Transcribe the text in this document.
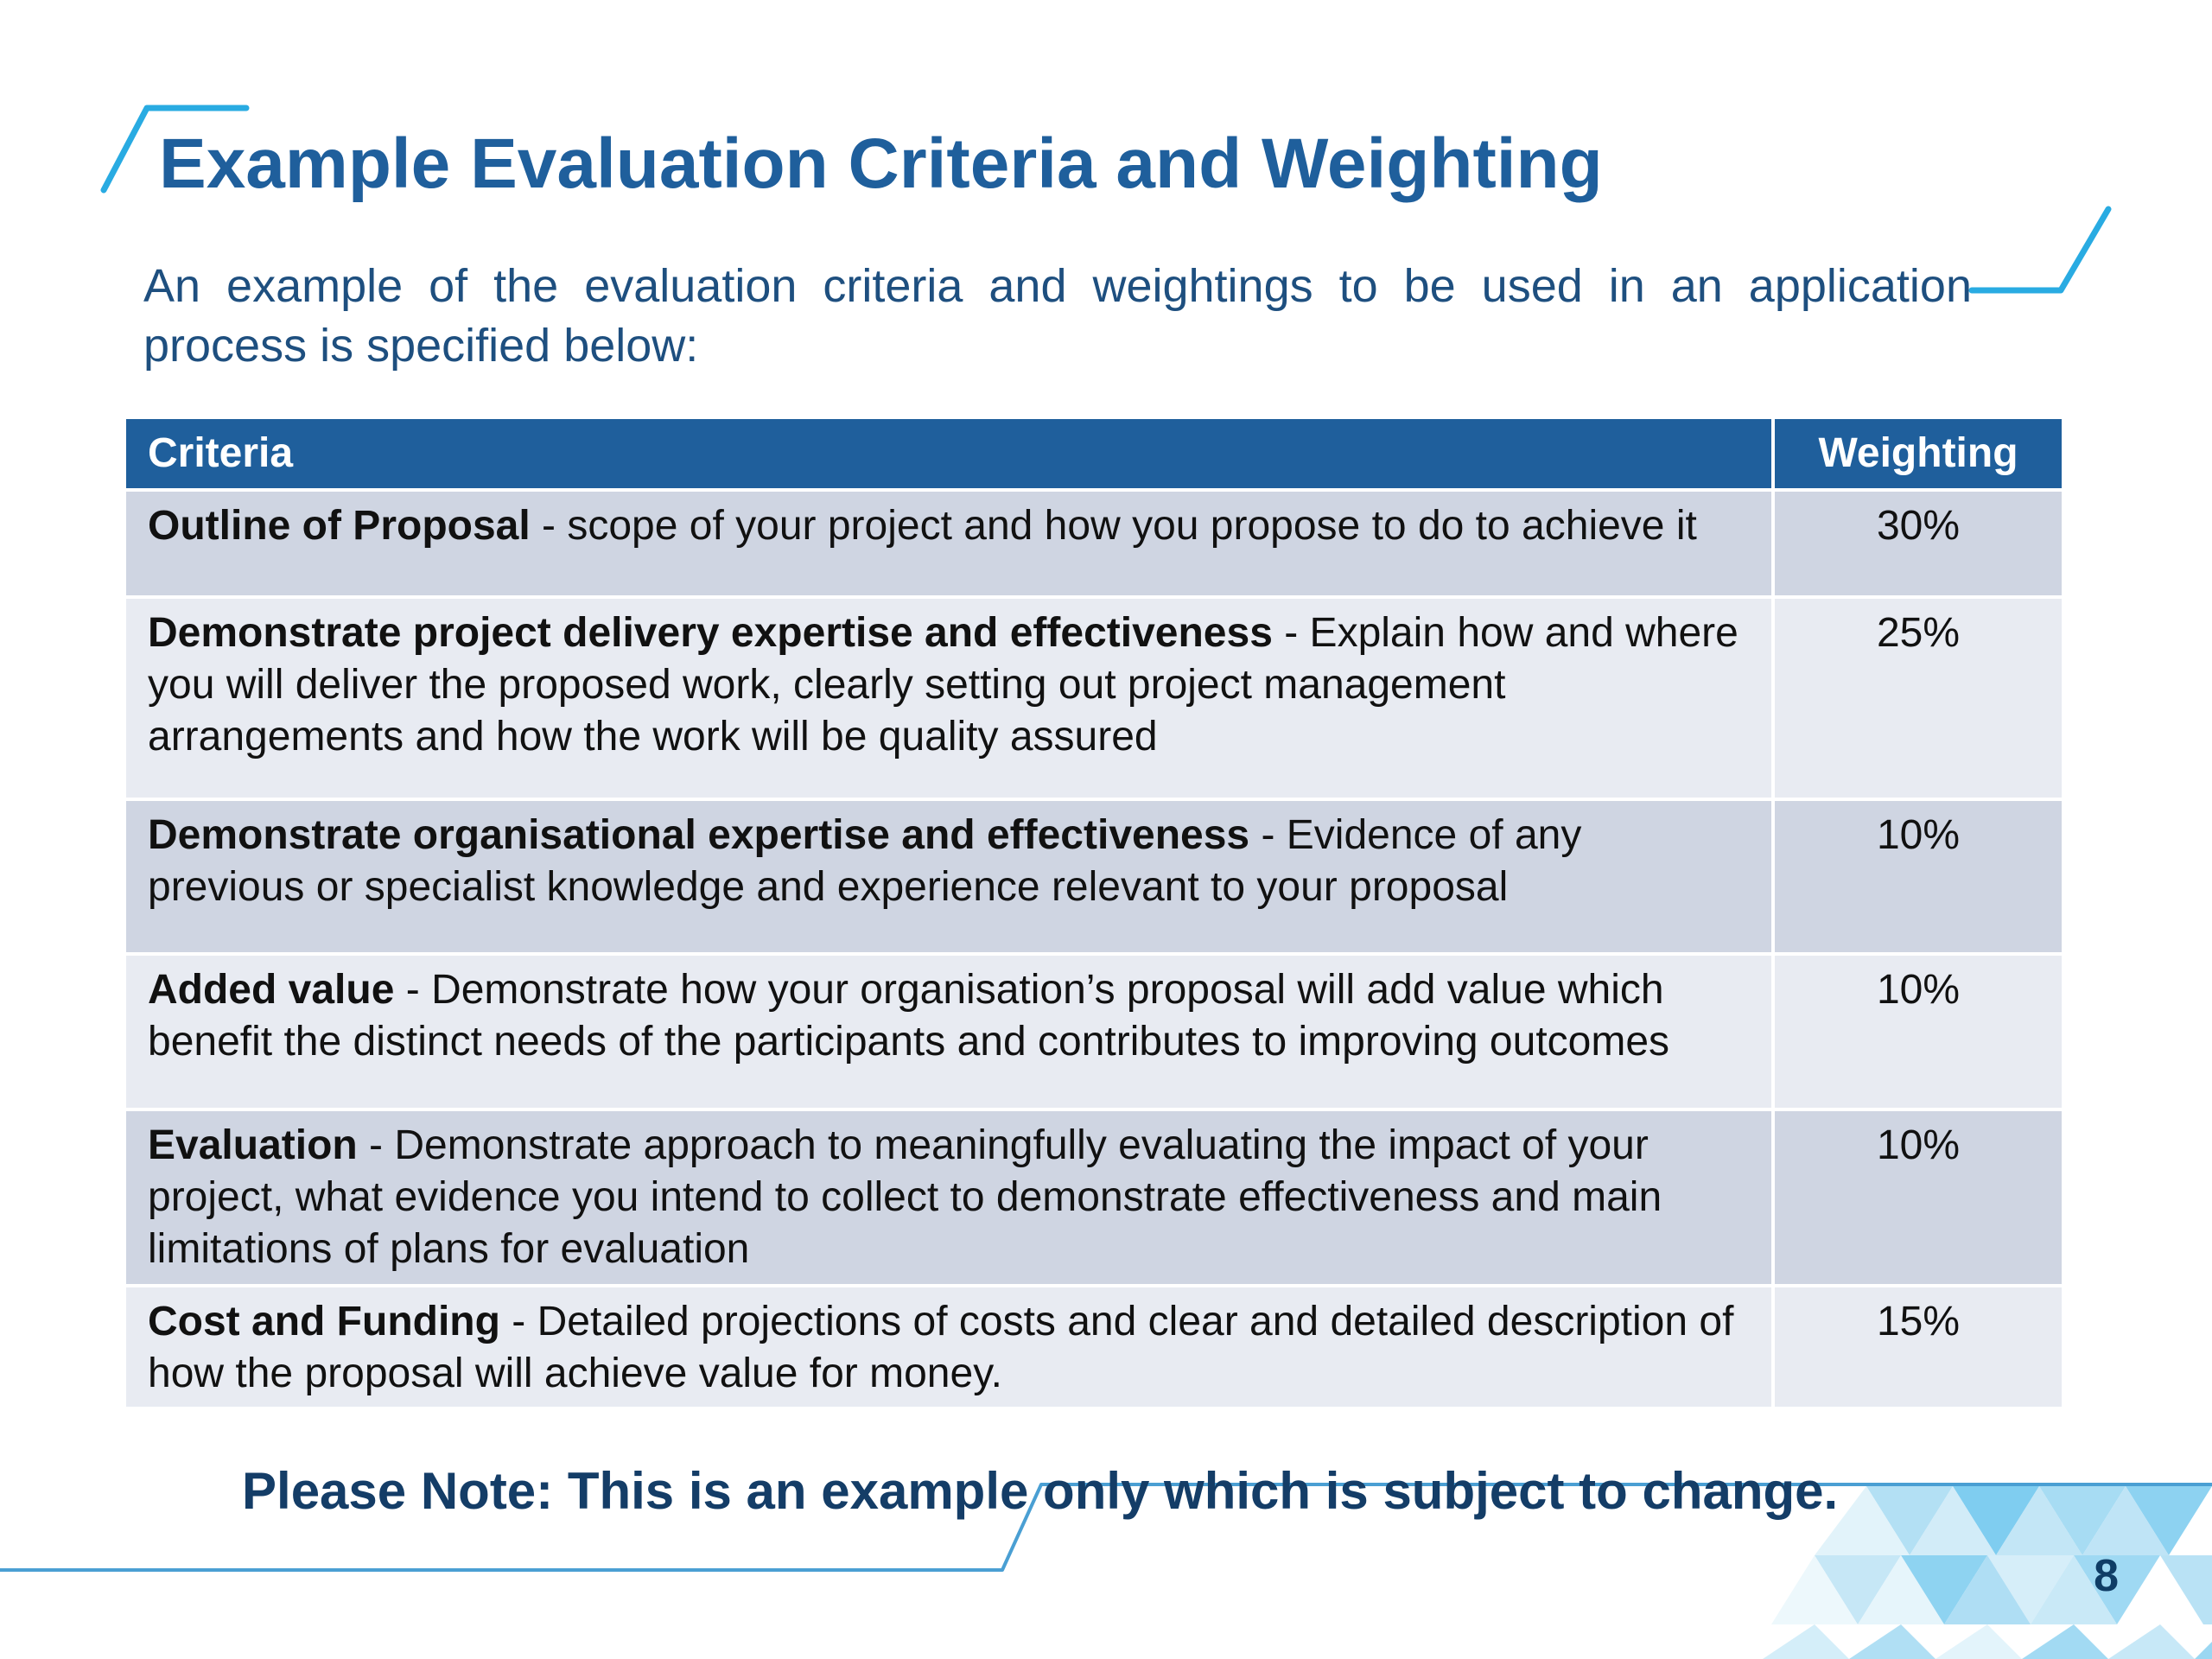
Example Evaluation Criteria and Weighting

An example of the evaluation criteria and weightings to be used in an application process is specified below:

Criteria	Weighting
Outline of Proposal - scope of your project and how you propose to do to achieve it	30%
Demonstrate project delivery expertise and effectiveness - Explain how and where you will deliver the proposed work, clearly setting out project management arrangements and how the work will be quality assured	25%
Demonstrate organisational expertise and effectiveness - Evidence of any previous or specialist knowledge and experience relevant to your proposal	10%
Added value - Demonstrate how your organisation’s proposal will add value which benefit the distinct needs of the participants and contributes to improving outcomes	10%
Evaluation - Demonstrate approach to meaningfully evaluating the impact of your project, what evidence you intend to collect to demonstrate effectiveness and main limitations of plans for evaluation	10%
Cost and Funding - Detailed projections of costs and clear and detailed description of how the proposal will achieve value for money.	15%

Please Note: This is an example only which is subject to change.

8
